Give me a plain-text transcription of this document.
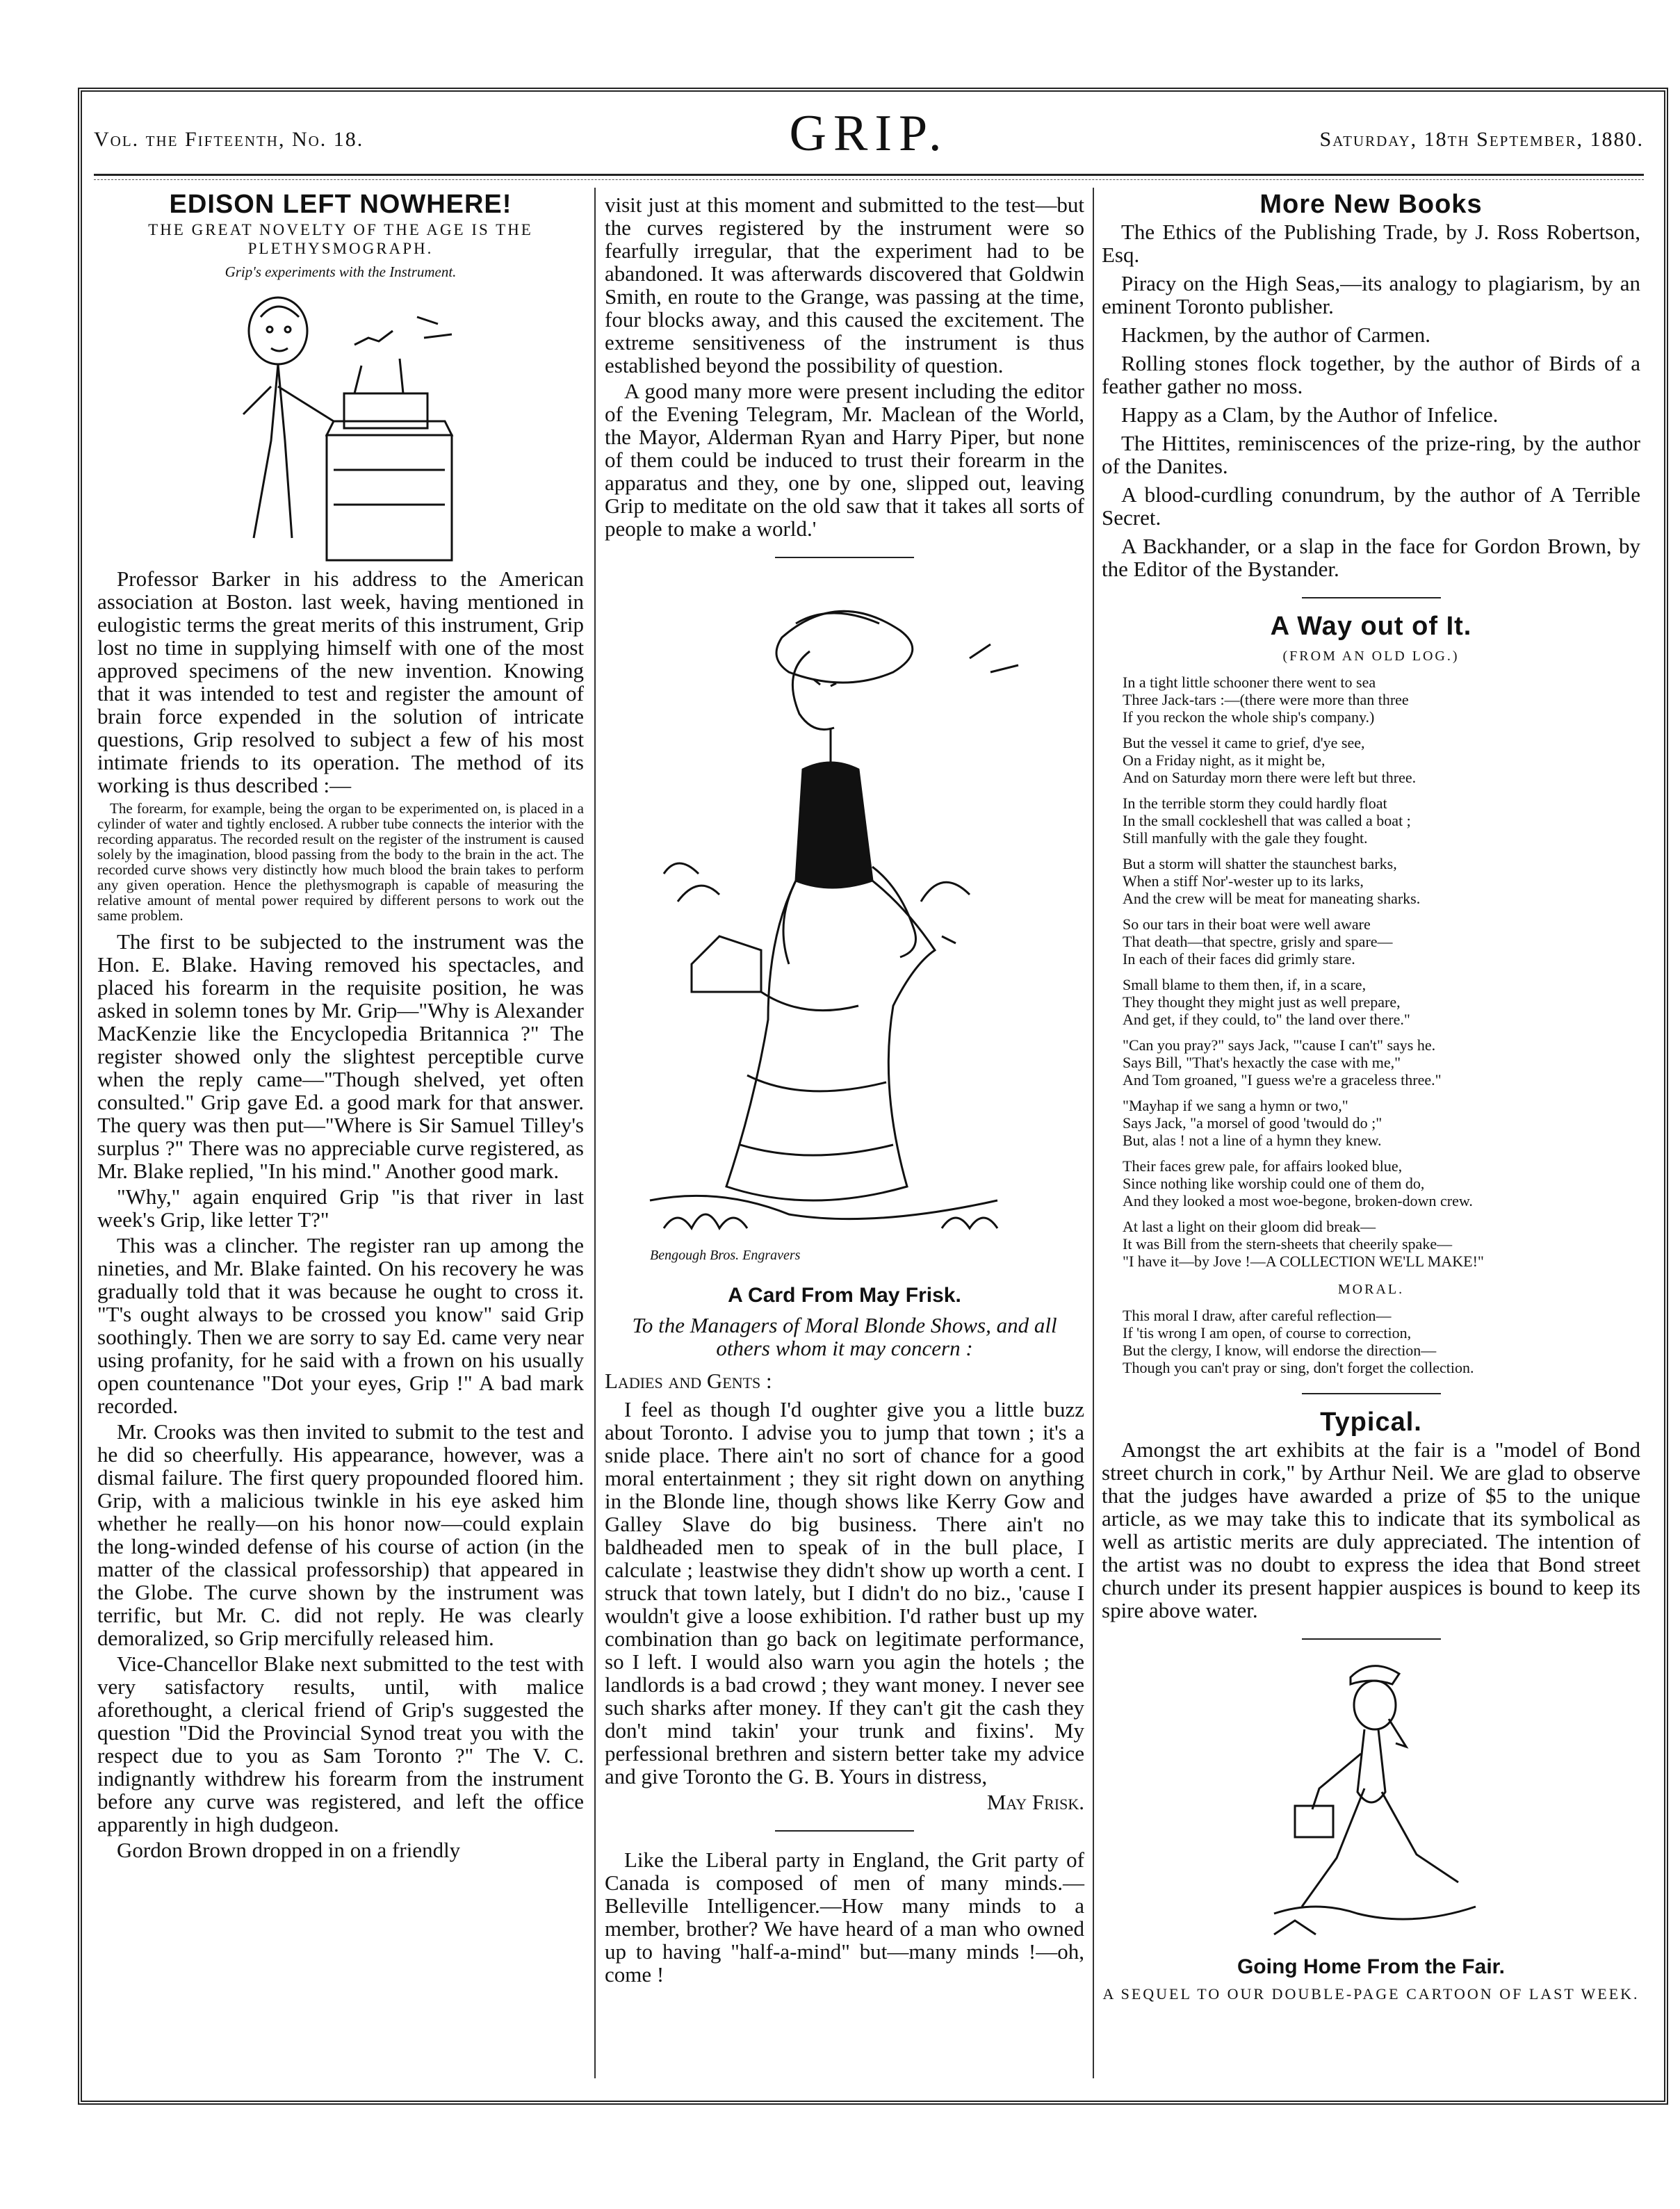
Vol. the Fifteenth, No. 18.	GRIP.	Saturday, 18th September, 1880.
EDISON LEFT NOWHERE!
THE GREAT NOVELTY OF THE AGE IS THE PLETHYSMOGRAPH.
Grip's experiments with the Instrument.

Professor Barker in his address to the American association at Boston. last week, having mentioned in eulogistic terms the great merits of this instrument, Grip lost no time in supplying himself with one of the most approved specimens of the new invention. Knowing that it was intended to test and register the amount of brain force expended in the solution of intricate questions, Grip resolved to subject a few of his most intimate friends to its operation. The method of its working is thus described :—

The forearm, for example, being the organ to be experimented on, is placed in a cylinder of water and tightly enclosed. A rubber tube connects the interior with the recording apparatus. The recorded result on the register of the instrument is caused solely by the imagination, blood passing from the body to the brain in the act. The recorded curve shows very distinctly how much blood the brain takes to perform any given operation. Hence the plethysmograph is capable of measuring the relative amount of mental power required by different persons to work out the same problem.

The first to be subjected to the instrument was the Hon. E. Blake. Having removed his spectacles, and placed his forearm in the requisite position, he was asked in solemn tones by Mr. Grip—"Why is Alexander MacKenzie like the Encyclopedia Britannica ?" The register showed only the slightest perceptible curve when the reply came—"Though shelved, yet often consulted." Grip gave Ed. a good mark for that answer. The query was then put—"Where is Sir Samuel Tilley's surplus ?" There was no appreciable curve registered, as Mr. Blake replied, "In his mind." Another good mark.

"Why," again enquired Grip "is that river in last week's Grip, like letter T?"

This was a clincher. The register ran up among the nineties, and Mr. Blake fainted. On his recovery he was gradually told that it was because he ought to cross it. "T's ought always to be crossed you know" said Grip soothingly. Then we are sorry to say Ed. came very near using profanity, for he said with a frown on his usually open countenance "Dot your eyes, Grip !" A bad mark recorded.

Mr. Crooks was then invited to submit to the test and he did so cheerfully. His appearance, however, was a dismal failure. The first query propounded floored him. Grip, with a malicious twinkle in his eye asked him whether he really—on his honor now—could explain the long-winded defense of his course of action (in the matter of the classical professorship) that appeared in the Globe. The curve shown by the instrument was terrific, but Mr. C. did not reply. He was clearly demoralized, so Grip mercifully released him.

Vice-Chancellor Blake next submitted to the test with very satisfactory results, until, with malice aforethought, a clerical friend of Grip's suggested the question "Did the Provincial Synod treat you with the respect due to you as Sam Toronto ?" The V. C. indignantly withdrew his forearm from the instrument before any curve was registered, and left the office apparently in high dudgeon.

Gordon Brown dropped in on a friendly

visit just at this moment and submitted to the test—but the curves registered by the instrument were so fearfully irregular, that the experiment had to be abandoned. It was afterwards discovered that Goldwin Smith, en route to the Grange, was passing at the time, four blocks away, and this caused the excitement. The extreme sensitiveness of the instrument is thus established beyond the possibility of question.

A good many more were present including the editor of the Evening Telegram, Mr. Maclean of the World, the Mayor, Alderman Ryan and Harry Piper, but none of them could be induced to trust their forearm in the apparatus and they, one by one, slipped out, leaving Grip to meditate on the old saw that it takes all sorts of people to make a world.'

Bengough Bros. Engravers
A Card From May Frisk.
To the Managers of Moral Blonde Shows, and all others whom it may concern :

Ladies and Gents :

I feel as though I'd oughter give you a little buzz about Toronto. I advise you to jump that town ; it's a snide place. There ain't no sort of chance for a good moral entertainment ; they sit right down on anything in the Blonde line, though shows like Kerry Gow and Galley Slave do big business. There ain't no baldheaded men to speak of in the bull place, I calculate ; leastwise they didn't show up worth a cent. I struck that town lately, but I didn't do no biz., 'cause I wouldn't give a loose exhibition. I'd rather bust up my combination than go back on legitimate performance, so I left. I would also warn you agin the hotels ; the landlords is a bad crowd ; they want money. I never see such sharks after money. If they can't git the cash they don't mind takin' your trunk and fixins'. My perfessional brethren and sistern better take my advice and give Toronto the G. B. Yours in distress,

May Frisk.

Like the Liberal party in England, the Grit party of Canada is composed of men of many minds.—Belleville Intelligencer.—How many minds to a member, brother? We have heard of a man who owned up to having "half-a-mind" but—many minds !—oh, come !

More New Books

The Ethics of the Publishing Trade, by J. Ross Robertson, Esq.

Piracy on the High Seas,—its analogy to plagiarism, by an eminent Toronto publisher.

Hackmen, by the author of Carmen.

Rolling stones flock together, by the author of Birds of a feather gather no moss.

Happy as a Clam, by the Author of Infelice.

The Hittites, reminiscences of the prize-ring, by the author of the Danites.

A blood-curdling conundrum, by the author of A Terrible Secret.

A Backhander, or a slap in the face for Gordon Brown, by the Editor of the Bystander.

A Way out of It.
(FROM AN OLD LOG.)
In a tight little schooner there went to sea
Three Jack-tars :—(there were more than three
If you reckon the whole ship's company.)
But the vessel it came to grief, d'ye see,
On a Friday night, as it might be,
And on Saturday morn there were left but three.
In the terrible storm they could hardly float
In the small cockleshell that was called a boat ;
Still manfully with the gale they fought.
But a storm will shatter the staunchest barks,
When a stiff Nor'-wester up to its larks,
And the crew will be meat for maneating sharks.
So our tars in their boat were well aware
That death—that spectre, grisly and spare—
In each of their faces did grimly stare.
Small blame to them then, if, in a scare,
They thought they might just as well prepare,
And get, if they could, to" the land over there."
"Can you pray?" says Jack, "'cause I can't" says he.
Says Bill, "That's hexactly the case with me,"
And Tom groaned, "I guess we're a graceless three."
"Mayhap if we sang a hymn or two,"
Says Jack, "a morsel of good 'twould do ;"
But, alas ! not a line of a hymn they knew.
Their faces grew pale, for affairs looked blue,
Since nothing like worship could one of them do,
And they looked a most woe-begone, broken-down crew.
At last a light on their gloom did break—
It was Bill from the stern-sheets that cheerily spake—
"I have it—by Jove !—A COLLECTION WE'LL MAKE!"
MORAL.
This moral I draw, after careful reflection—
If 'tis wrong I am open, of course to correction,
But the clergy, I know, will endorse the direction—
Though you can't pray or sing, don't forget the collection.
Typical.

Amongst the art exhibits at the fair is a "model of Bond street church in cork," by Arthur Neil. We are glad to observe that the judges have awarded a prize of $5 to the unique article, as we may take this to indicate that its symbolical as well as artistic merits are duly appreciated. The intention of the artist was no doubt to express the idea that Bond street church under its present happier auspices is bound to keep its spire above water.

Going Home From the Fair.
A SEQUEL TO OUR DOUBLE-PAGE CARTOON OF LAST WEEK.
